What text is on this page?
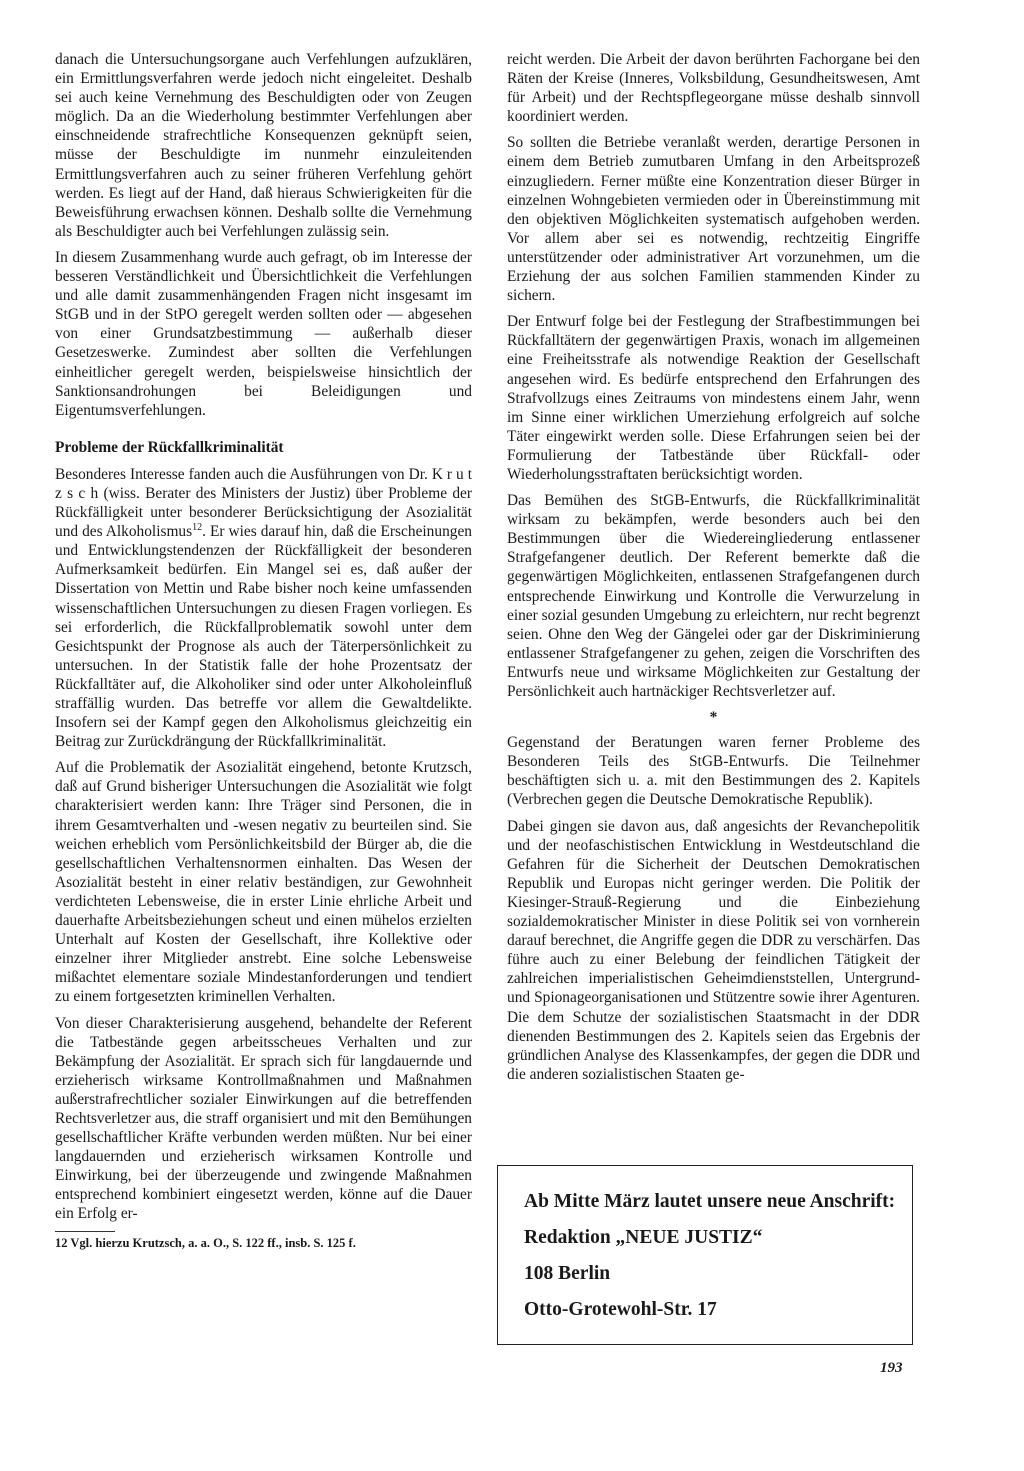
danach die Untersuchungsorgane auch Verfehlungen aufzuklären, ein Ermittlungsverfahren werde jedoch nicht eingeleitet. Deshalb sei auch keine Vernehmung des Beschuldigten oder von Zeugen möglich. Da an die Wiederholung bestimmter Verfehlungen aber einschneidende strafrechtliche Konsequenzen geknüpft seien, müsse der Beschuldigte im nunmehr einzuleitenden Ermittlungsverfahren auch zu seiner früheren Verfehlung gehört werden. Es liegt auf der Hand, daß hieraus Schwierigkeiten für die Beweisführung erwachsen können. Deshalb sollte die Vernehmung als Beschuldigter auch bei Verfehlungen zulässig sein.

In diesem Zusammenhang wurde auch gefragt, ob im Interesse der besseren Verständlichkeit und Übersichtlichkeit die Verfehlungen und alle damit zusammenhängenden Fragen nicht insgesamt im StGB und in der StPO geregelt werden sollten oder — abgesehen von einer Grundsatzbestimmung — außerhalb dieser Gesetzeswerke. Zumindest aber sollten die Verfehlungen einheitlicher geregelt werden, beispielsweise hinsichtlich der Sanktionsandrohungen bei Beleidigungen und Eigentumsverfehlungen.

Probleme der Rückfallkriminalität

Besonderes Interesse fanden auch die Ausführungen von Dr. K r u t z s c h (wiss. Berater des Ministers der Justiz) über Probleme der Rückfälligkeit unter besonderer Berücksichtigung der Asozialität und des Alkoholismus$^{12}$. Er wies darauf hin, daß die Erscheinungen und Entwicklungstendenzen der Rückfälligkeit der besonderen Aufmerksamkeit bedürfen. Ein Mangel sei es, daß außer der Dissertation von Mettin und Rabe bisher noch keine umfassenden wissenschaftlichen Untersuchungen zu diesen Fragen vorliegen. Es sei erforderlich, die Rückfallproblematik sowohl unter dem Gesichtspunkt der Prognose als auch der Täterpersönlichkeit zu untersuchen. In der Statistik falle der hohe Prozentsatz der Rückfalltäter auf, die Alkoholiker sind oder unter Alkoholeinfluß straffällig wurden. Das betreffe vor allem die Gewaltdelikte. Insofern sei der Kampf gegen den Alkoholismus gleichzeitig ein Beitrag zur Zurückdrängung der Rückfallkriminalität.

Auf die Problematik der Asozialität eingehend, betonte Krutzsch, daß auf Grund bisheriger Untersuchungen die Asozialität wie folgt charakterisiert werden kann: Ihre Träger sind Personen, die in ihrem Gesamtverhalten und -wesen negativ zu beurteilen sind. Sie weichen erheblich vom Persönlichkeitsbild der Bürger ab, die die gesellschaftlichen Verhaltensnormen einhalten. Das Wesen der Asozialität besteht in einer relativ beständigen, zur Gewohnheit verdichteten Lebensweise, die in erster Linie ehrliche Arbeit und dauerhafte Arbeitsbeziehungen scheut und einen mühelos erzielten Unterhalt auf Kosten der Gesellschaft, ihre Kollektive oder einzelner ihrer Mitglieder anstrebt. Eine solche Lebensweise mißachtet elementare soziale Mindestanforderungen und tendiert zu einem fortgesetzten kriminellen Verhalten.

Von dieser Charakterisierung ausgehend, behandelte der Referent die Tatbestände gegen arbeitsscheues Verhalten und zur Bekämpfung der Asozialität. Er sprach sich für langdauernde und erzieherisch wirksame Kontrollmaßnahmen und Maßnahmen außerstrafrechtlicher sozialer Einwirkungen auf die betreffenden Rechtsverletzer aus, die straff organisiert und mit den Bemühungen gesellschaftlicher Kräfte verbunden werden müßten. Nur bei einer langdauernden und erzieherisch wirksamen Kontrolle und Einwirkung, bei der überzeugende und zwingende Maßnahmen entsprechend kombiniert eingesetzt werden, könne auf die Dauer ein Erfolg er-

12 Vgl. hierzu Krutzsch, a. a. O., S. 122 ff., insb. S. 125 f.

reicht werden. Die Arbeit der davon berührten Fachorgane bei den Räten der Kreise (Inneres, Volksbildung, Gesundheitswesen, Amt für Arbeit) und der Rechtspflegeorgane müsse deshalb sinnvoll koordiniert werden.

So sollten die Betriebe veranlaßt werden, derartige Personen in einem dem Betrieb zumutbaren Umfang in den Arbeitsprozeß einzugliedern. Ferner müßte eine Konzentration dieser Bürger in einzelnen Wohngebieten vermieden oder in Übereinstimmung mit den objektiven Möglichkeiten systematisch aufgehoben werden. Vor allem aber sei es notwendig, rechtzeitig Eingriffe unterstützender oder administrativer Art vorzunehmen, um die Erziehung der aus solchen Familien stammenden Kinder zu sichern.

Der Entwurf folge bei der Festlegung der Strafbestimmungen bei Rückfalltätern der gegenwärtigen Praxis, wonach im allgemeinen eine Freiheitsstrafe als notwendige Reaktion der Gesellschaft angesehen wird. Es bedürfe entsprechend den Erfahrungen des Strafvollzugs eines Zeitraums von mindestens einem Jahr, wenn im Sinne einer wirklichen Umerziehung erfolgreich auf solche Täter eingewirkt werden solle. Diese Erfahrungen seien bei der Formulierung der Tatbestände über Rückfall- oder Wiederholungsstraftaten berücksichtigt worden.

Das Bemühen des StGB-Entwurfs, die Rückfallkriminalität wirksam zu bekämpfen, werde besonders auch bei den Bestimmungen über die Wiedereingliederung entlassener Strafgefangener deutlich. Der Referent bemerkte daß die gegenwärtigen Möglichkeiten, entlassenen Strafgefangenen durch entsprechende Einwirkung und Kontrolle die Verwurzelung in einer sozial gesunden Umgebung zu erleichtern, nur recht begrenzt seien. Ohne den Weg der Gängelei oder gar der Diskriminierung entlassener Strafgefangener zu gehen, zeigen die Vorschriften des Entwurfs neue und wirksame Möglichkeiten zur Gestaltung der Persönlichkeit auch hartnäckiger Rechtsverletzer auf.

*

Gegenstand der Beratungen waren ferner Probleme des Besonderen Teils des StGB-Entwurfs. Die Teilnehmer beschäftigten sich u. a. mit den Bestimmungen des 2. Kapitels (Verbrechen gegen die Deutsche Demokratische Republik).

Dabei gingen sie davon aus, daß angesichts der Revanchepolitik und der neofaschistischen Entwicklung in Westdeutschland die Gefahren für die Sicherheit der Deutschen Demokratischen Republik und Europas nicht geringer werden. Die Politik der Kiesinger-Strauß-Regierung und die Einbeziehung sozialdemokratischer Minister in diese Politik sei von vornherein darauf berechnet, die Angriffe gegen die DDR zu verschärfen. Das führe auch zu einer Belebung der feindlichen Tätigkeit der zahlreichen imperialistischen Geheimdienststellen, Untergrund- und Spionageorganisationen und Stützentre sowie ihrer Agenturen. Die dem Schutze der sozialistischen Staatsmacht in der DDR dienenden Bestimmungen des 2. Kapitels seien das Ergebnis der gründlichen Analyse des Klassenkampfes, der gegen die DDR und die anderen sozialistischen Staaten ge-

Ab Mitte März lautet unsere neue Anschrift:
Redaktion „NEUE JUSTIZ“
108 Berlin
Otto-Grotewohl-Str. 17
193
